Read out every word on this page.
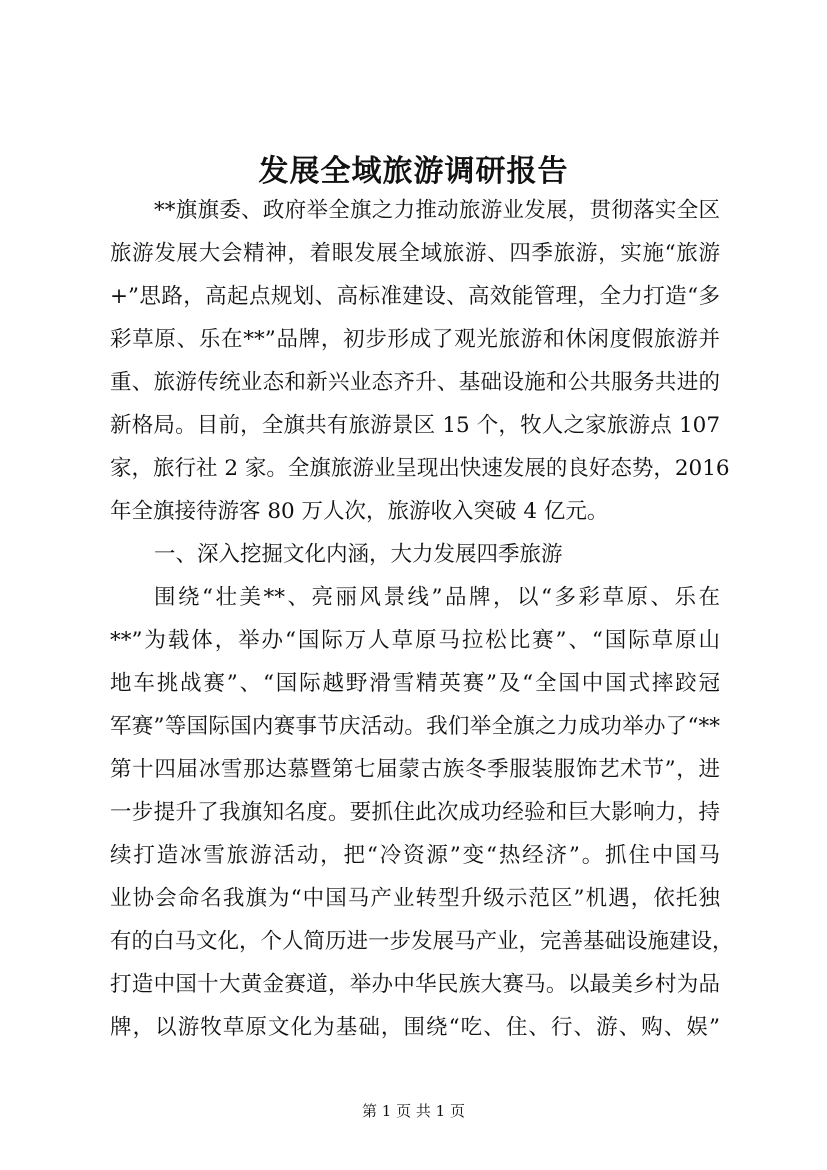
发展全域旅游调研报告
**旗旗委、政府举全旗之力推动旅游业发展，贯彻落实全区
旅游发展大会精神，着眼发展全域旅游、四季旅游，实施“旅游
+”思路，高起点规划、高标准建设、高效能管理，全力打造“多
彩草原、乐在**”品牌，初步形成了观光旅游和休闲度假旅游并
重、旅游传统业态和新兴业态齐升、基础设施和公共服务共进的
新格局。目前，全旗共有旅游景区 15 个，牧人之家旅游点 107
家，旅行社 2 家。全旗旅游业呈现出快速发展的良好态势，2016
年全旗接待游客 80 万人次，旅游收入突破 4 亿元。
一、深入挖掘文化内涵，大力发展四季旅游
围绕“壮美**、亮丽风景线”品牌，以“多彩草原、乐在
**”为载体，举办“国际万人草原马拉松比赛”、“国际草原山
地车挑战赛”、“国际越野滑雪精英赛”及“全国中国式摔跤冠
军赛”等国际国内赛事节庆活动。我们举全旗之力成功举办了“**
第十四届冰雪那达慕暨第七届蒙古族冬季服装服饰艺术节”，进
一步提升了我旗知名度。要抓住此次成功经验和巨大影响力，持
续打造冰雪旅游活动，把“冷资源”变“热经济”。抓住中国马
业协会命名我旗为“中国马产业转型升级示范区”机遇，依托独
有的白马文化，个人简历进一步发展马产业，完善基础设施建设，
打造中国十大黄金赛道，举办中华民族大赛马。以最美乡村为品
牌，以游牧草原文化为基础，围绕“吃、住、行、游、购、娱”
第 1 页 共 1 页
